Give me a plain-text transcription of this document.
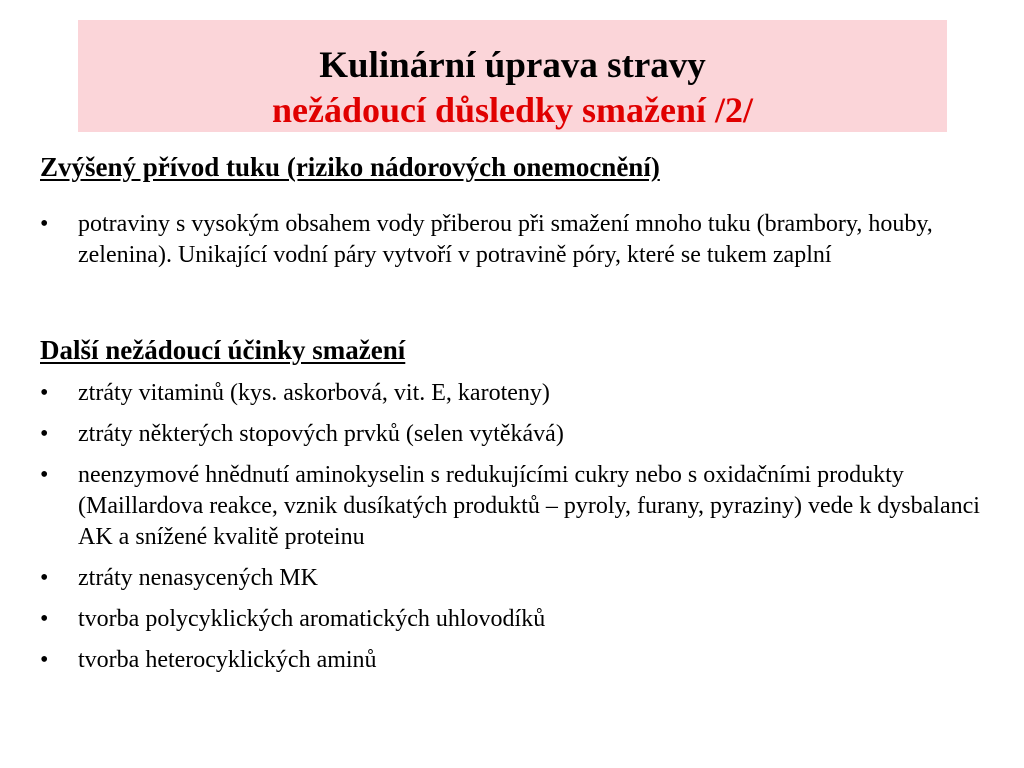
Kulinární úprava stravy
nežádoucí důsledky smažení /2/
Zvýšený přívod tuku (riziko nádorových onemocnění)
• potraviny s vysokým obsahem vody přiberou při smažení mnoho tuku (brambory, houby, zelenina). Unikající vodní páry vytvoří v potravině póry, které se tukem zaplní
Další nežádoucí účinky smažení
• ztráty vitaminů (kys. askorbová, vit. E, karoteny)
• ztráty některých stopových prvků (selen vytěkává)
• neenzymové hnědnutí aminokyselin s redukujícími cukry nebo s oxidačními produkty (Maillardova reakce, vznik dusíkatých produktů – pyroly, furany, pyraziny) vede k dysbalanci AK a snížené kvalitě proteinu
• ztráty nenasycených MK
• tvorba polycyklických aromatických uhlovodíků
• tvorba heterocyklických aminů
